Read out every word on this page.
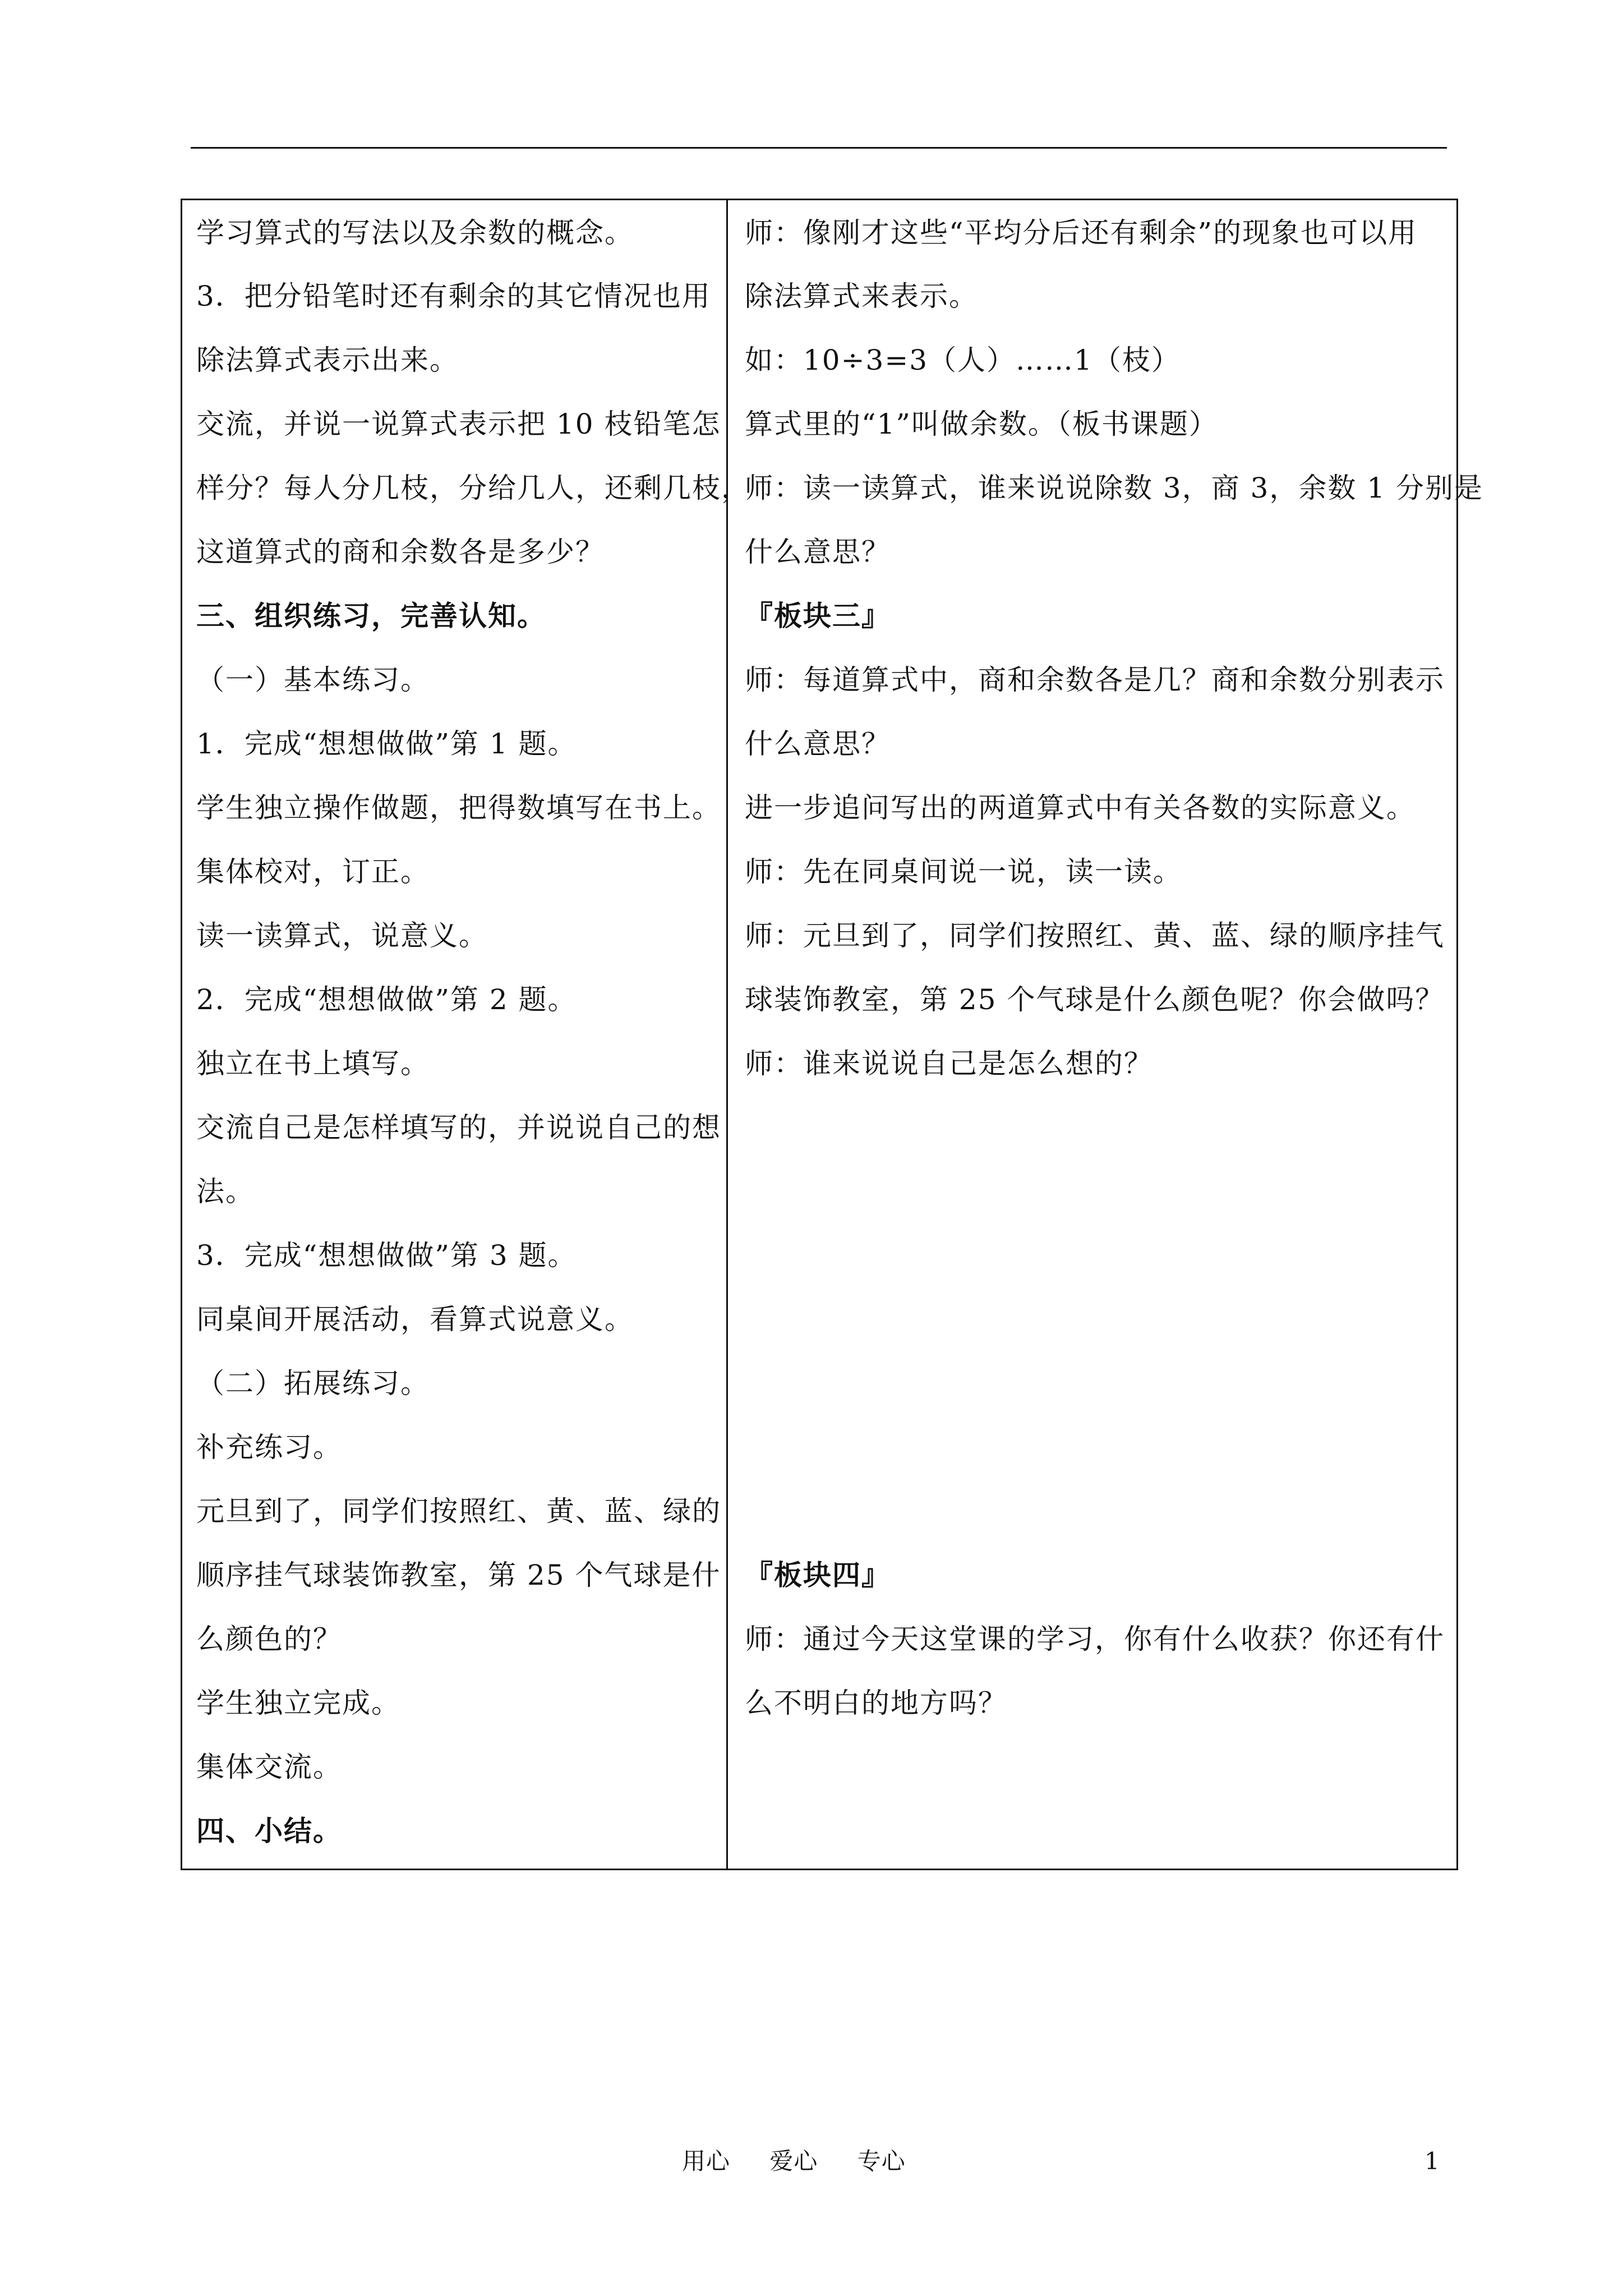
学习算式的写法以及余数的概念。
3．把分铅笔时还有剩余的其它情况也用
除法算式表示出来。
交流，并说一说算式表示把 10 枝铅笔怎
样分？每人分几枝，分给几人，还剩几枝，
这道算式的商和余数各是多少？
三、组织练习，完善认知。
（一）基本练习。
1．完成“想想做做”第 1 题。
学生独立操作做题，把得数填写在书上。
集体校对，订正。
读一读算式，说意义。
2．完成“想想做做”第 2 题。
独立在书上填写。
交流自己是怎样填写的，并说说自己的想
法。
3．完成“想想做做”第 3 题。
同桌间开展活动，看算式说意义。
（二）拓展练习。
补充练习。
元旦到了，同学们按照红、黄、蓝、绿的
顺序挂气球装饰教室，第 25 个气球是什
么颜色的？
学生独立完成。
集体交流。
四、小结。
师：像刚才这些“平均分后还有剩余”的现象也可以用
除法算式来表示。
如：10÷3=3（人）……1（枝）
算式里的“1”叫做余数。（板书课题）
师：读一读算式，谁来说说除数 3，商 3，余数 1 分别是
什么意思？
『板块三』
师：每道算式中，商和余数各是几？商和余数分别表示
什么意思？
进一步追问写出的两道算式中有关各数的实际意义。
师：先在同桌间说一说，读一读。
师：元旦到了，同学们按照红、黄、蓝、绿的顺序挂气
球装饰教室，第 25 个气球是什么颜色呢？你会做吗？
师：谁来说说自己是怎么想的？
『板块四』
师：通过今天这堂课的学习，你有什么收获？你还有什
么不明白的地方吗？
用心 爱心 专心	1
